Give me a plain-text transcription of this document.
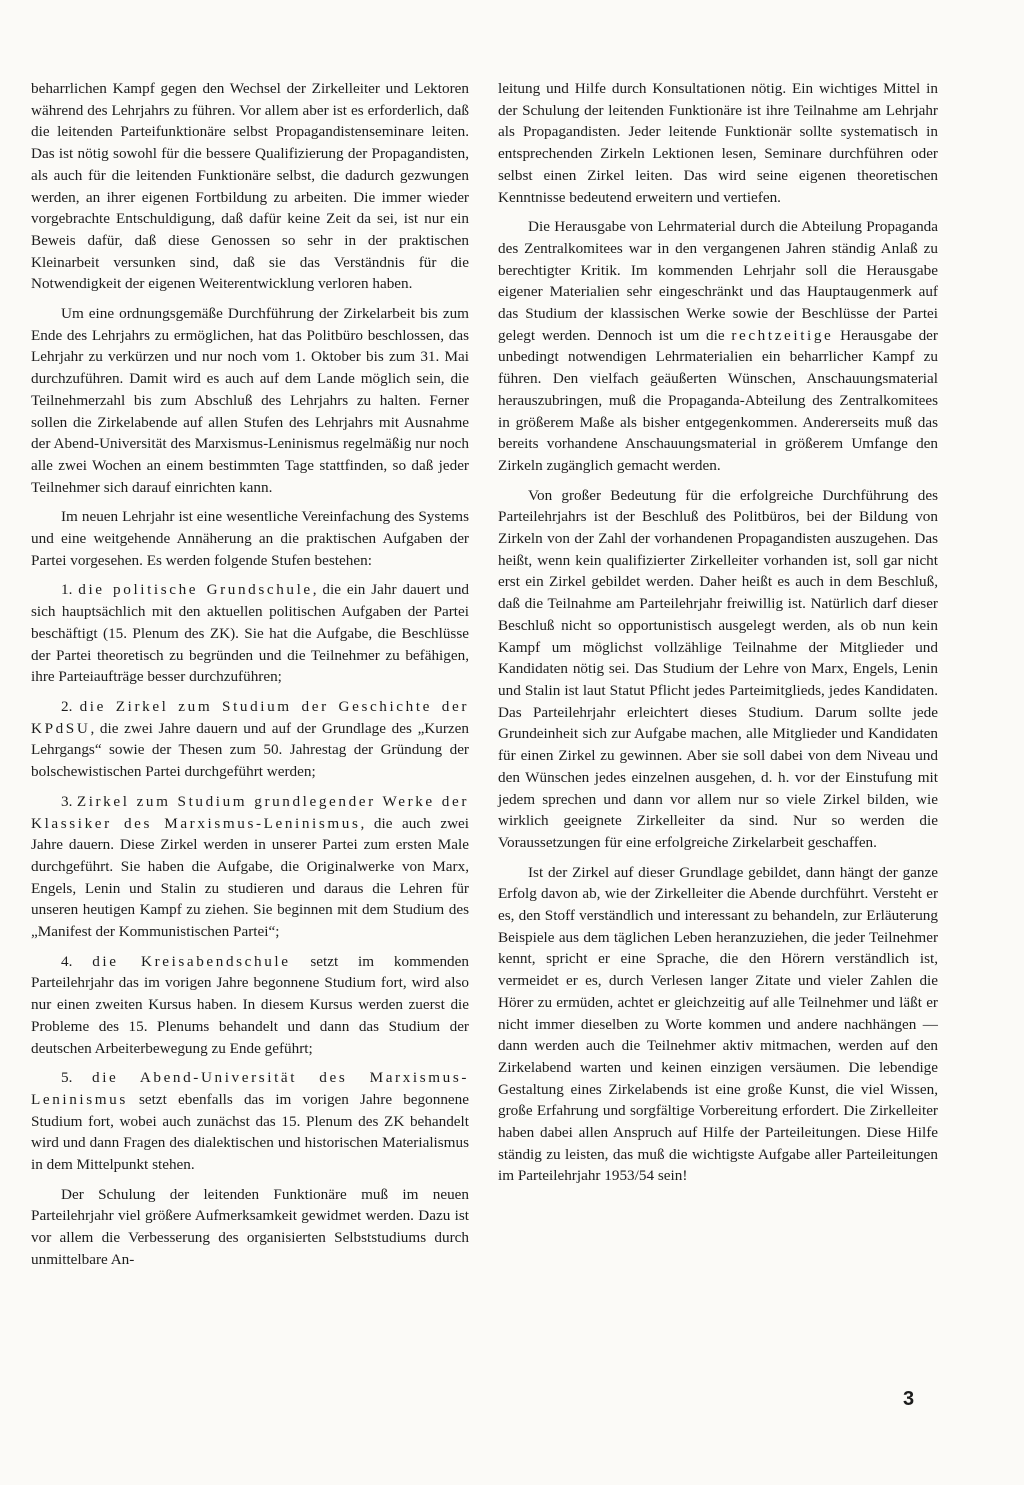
beharrlichen Kampf gegen den Wechsel der Zirkelleiter und Lektoren während des Lehrjahrs zu führen. Vor allem aber ist es erforderlich, daß die leitenden Parteifunktionäre selbst Propagandistenseminare leiten. Das ist nötig sowohl für die bessere Qualifizierung der Propagandisten, als auch für die leitenden Funktionäre selbst, die dadurch gezwungen werden, an ihrer eigenen Fortbildung zu arbeiten. Die immer wieder vorgebrachte Entschuldigung, daß dafür keine Zeit da sei, ist nur ein Beweis dafür, daß diese Genossen so sehr in der praktischen Kleinarbeit versunken sind, daß sie das Verständnis für die Notwendigkeit der eigenen Weiterentwicklung verloren haben.

Um eine ordnungsgemäße Durchführung der Zirkelarbeit bis zum Ende des Lehrjahrs zu ermöglichen, hat das Politbüro beschlossen, das Lehrjahr zu verkürzen und nur noch vom 1. Oktober bis zum 31. Mai durchzuführen. Damit wird es auch auf dem Lande möglich sein, die Teilnehmerzahl bis zum Abschluß des Lehrjahrs zu halten. Ferner sollen die Zirkelabende auf allen Stufen des Lehrjahrs mit Ausnahme der Abend-Universität des Marxismus-Leninismus regelmäßig nur noch alle zwei Wochen an einem bestimmten Tage stattfinden, so daß jeder Teilnehmer sich darauf einrichten kann.

Im neuen Lehrjahr ist eine wesentliche Vereinfachung des Systems und eine weitgehende Annäherung an die praktischen Aufgaben der Partei vorgesehen. Es werden folgende Stufen bestehen:

1. die politische Grundschule, die ein Jahr dauert und sich hauptsächlich mit den aktuellen politischen Aufgaben der Partei beschäftigt (15. Plenum des ZK). Sie hat die Aufgabe, die Beschlüsse der Partei theoretisch zu begründen und die Teilnehmer zu befähigen, ihre Parteiaufträge besser durchzuführen;

2. die Zirkel zum Studium der Geschichte der KPdSU, die zwei Jahre dauern und auf der Grundlage des „Kurzen Lehrgangs“ sowie der Thesen zum 50. Jahrestag der Gründung der bolschewistischen Partei durchgeführt werden;

3. Zirkel zum Studium grundlegender Werke der Klassiker des Marxismus-Leninismus, die auch zwei Jahre dauern. Diese Zirkel werden in unserer Partei zum ersten Male durchgeführt. Sie haben die Aufgabe, die Originalwerke von Marx, Engels, Lenin und Stalin zu studieren und daraus die Lehren für unseren heutigen Kampf zu ziehen. Sie beginnen mit dem Studium des „Manifest der Kommunistischen Partei“;

4. die Kreisabendschule setzt im kommenden Parteilehrjahr das im vorigen Jahre begonnene Studium fort, wird also nur einen zweiten Kursus haben. In diesem Kursus werden zuerst die Probleme des 15. Plenums behandelt und dann das Studium der deutschen Arbeiterbewegung zu Ende geführt;

5. die Abend-Universität des Marxismus-Leninismus setzt ebenfalls das im vorigen Jahre begonnene Studium fort, wobei auch zunächst das 15. Plenum des ZK behandelt wird und dann Fragen des dialektischen und historischen Materialismus in dem Mittelpunkt stehen.

Der Schulung der leitenden Funktionäre muß im neuen Parteilehrjahr viel größere Aufmerksamkeit gewidmet werden. Dazu ist vor allem die Verbesserung des organisierten Selbststudiums durch unmittelbare An-

leitung und Hilfe durch Konsultationen nötig. Ein wichtiges Mittel in der Schulung der leitenden Funktionäre ist ihre Teilnahme am Lehrjahr als Propagandisten. Jeder leitende Funktionär sollte systematisch in entsprechenden Zirkeln Lektionen lesen, Seminare durchführen oder selbst einen Zirkel leiten. Das wird seine eigenen theoretischen Kenntnisse bedeutend erweitern und vertiefen.

Die Herausgabe von Lehrmaterial durch die Abteilung Propaganda des Zentralkomitees war in den vergangenen Jahren ständig Anlaß zu berechtigter Kritik. Im kommenden Lehrjahr soll die Herausgabe eigener Materialien sehr eingeschränkt und das Hauptaugenmerk auf das Studium der klassischen Werke sowie der Beschlüsse der Partei gelegt werden. Dennoch ist um die rechtzeitige Herausgabe der unbedingt notwendigen Lehrmaterialien ein beharrlicher Kampf zu führen. Den vielfach geäußerten Wünschen, Anschauungsmaterial herauszubringen, muß die Propaganda-Abteilung des Zentralkomitees in größerem Maße als bisher entgegenkommen. Andererseits muß das bereits vorhandene Anschauungsmaterial in größerem Umfange den Zirkeln zugänglich gemacht werden.

Von großer Bedeutung für die erfolgreiche Durchführung des Parteilehrjahrs ist der Beschluß des Politbüros, bei der Bildung von Zirkeln von der Zahl der vorhandenen Propagandisten auszugehen. Das heißt, wenn kein qualifizierter Zirkelleiter vorhanden ist, soll gar nicht erst ein Zirkel gebildet werden. Daher heißt es auch in dem Beschluß, daß die Teilnahme am Parteilehrjahr freiwillig ist. Natürlich darf dieser Beschluß nicht so opportunistisch ausgelegt werden, als ob nun kein Kampf um möglichst vollzählige Teilnahme der Mitglieder und Kandidaten nötig sei. Das Studium der Lehre von Marx, Engels, Lenin und Stalin ist laut Statut Pflicht jedes Parteimitglieds, jedes Kandidaten. Das Parteilehrjahr erleichtert dieses Studium. Darum sollte jede Grundeinheit sich zur Aufgabe machen, alle Mitglieder und Kandidaten für einen Zirkel zu gewinnen. Aber sie soll dabei von dem Niveau und den Wünschen jedes einzelnen ausgehen, d. h. vor der Einstufung mit jedem sprechen und dann vor allem nur so viele Zirkel bilden, wie wirklich geeignete Zirkelleiter da sind. Nur so werden die Voraussetzungen für eine erfolgreiche Zirkelarbeit geschaffen.

Ist der Zirkel auf dieser Grundlage gebildet, dann hängt der ganze Erfolg davon ab, wie der Zirkelleiter die Abende durchführt. Versteht er es, den Stoff verständlich und interessant zu behandeln, zur Erläuterung Beispiele aus dem täglichen Leben heranzuziehen, die jeder Teilnehmer kennt, spricht er eine Sprache, die den Hörern verständlich ist, vermeidet er es, durch Verlesen langer Zitate und vieler Zahlen die Hörer zu ermüden, achtet er gleichzeitig auf alle Teilnehmer und läßt er nicht immer dieselben zu Worte kommen und andere nachhängen — dann werden auch die Teilnehmer aktiv mitmachen, werden auf den Zirkelabend warten und keinen einzigen versäumen. Die lebendige Gestaltung eines Zirkelabends ist eine große Kunst, die viel Wissen, große Erfahrung und sorgfältige Vorbereitung erfordert. Die Zirkelleiter haben dabei allen Anspruch auf Hilfe der Parteileitungen. Diese Hilfe ständig zu leisten, das muß die wichtigste Aufgabe aller Parteileitungen im Parteilehrjahr 1953/54 sein!

3
